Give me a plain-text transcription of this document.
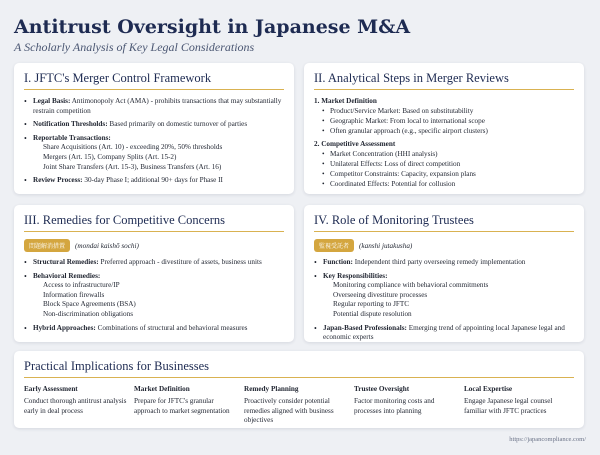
Antitrust Oversight in Japanese M&A
A Scholarly Analysis of Key Legal Considerations
I. JFTC's Merger Control Framework
• Legal Basis: Antimonopoly Act (AMA) - prohibits transactions that may substantially restrain competition
• Notification Thresholds: Based primarily on domestic turnover of parties
• Reportable Transactions:
Share Acquisitions (Art. 10) - exceeding 20%, 50% thresholds
Mergers (Art. 15), Company Splits (Art. 15-2)
Joint Share Transfers (Art. 15-3), Business Transfers (Art. 16)
• Review Process: 30-day Phase I; additional 90+ days for Phase II
II. Analytical Steps in Merger Reviews
1. Market Definition
• Product/Service Market: Based on substitutability
• Geographic Market: From local to international scope
• Often granular approach (e.g., specific airport clusters)
2. Competitive Assessment
• Market Concentration (HHI analysis)
• Unilateral Effects: Loss of direct competition
• Competitor Constraints: Capacity, expansion plans
• Coordinated Effects: Potential for collusion
III. Remedies for Competitive Concerns
問題解消措置	(mondai kaishō sochi)
• Structural Remedies: Preferred approach - divestiture of assets, business units
• Behavioral Remedies:
Access to infrastructure/IP
Information firewalls
Block Space Agreements (BSA)
Non-discrimination obligations
• Hybrid Approaches: Combinations of structural and behavioral measures
IV. Role of Monitoring Trustees
監視受託者	(kanshi jutakusha)
• Function: Independent third party overseeing remedy implementation
• Key Responsibilities:
Monitoring compliance with behavioral commitments
Overseeing divestiture processes
Regular reporting to JFTC
Potential dispute resolution
• Japan-Based Professionals: Emerging trend of appointing local Japanese legal and economic experts
Practical Implications for Businesses
Early Assessment
Conduct thorough antitrust analysis early in deal process
Market Definition
Prepare for JFTC's granular approach to market segmentation
Remedy Planning
Proactively consider potential remedies aligned with business objectives
Trustee Oversight
Factor monitoring costs and processes into planning
Local Expertise
Engage Japanese legal counsel familiar with JFTC practices
https://japancompliance.com/
